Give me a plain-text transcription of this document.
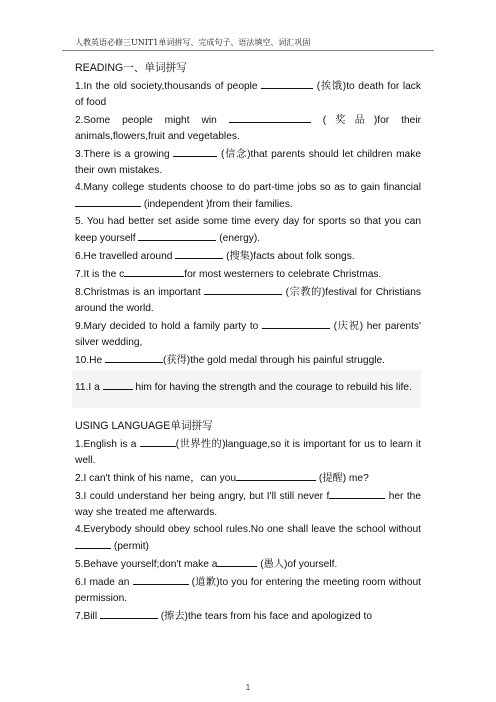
人教英语必修三UNIT1单词拼写、完成句子、语法填空、词汇巩固
READING一、单词拼写
1.In the old society,thousands of people	(挨饿)to death for lack of food
2.Some people might win	(奖品)for their animals,flowers,fruit and vegetables.
3.There is a growing	(信念)that parents should let children make their own mistakes.
4.Many college students choose to do part-time jobs so as to gain financial  (independent )from their families.
5. You had better set aside some time every day for sports so that you can keep yourself	(energy).
6.He travelled around	(搜集)facts about folk songs.
7.It is the c	for most westerners to celebrate Christmas.
8.Christmas is an important	(宗教的)festival for Christians around the world.
9.Mary decided to hold a family party to	(庆祝) her parents' silver wedding,
10.He	(获得)the gold medal through his painful struggle.
11.I a	him for having the strength and the courage to rebuild his life.
USING LANGUAGE单词拼写
1.English is a	(世界性的)language,so it is important for us to learn it well.
2.I can't think of his name，can you	(提醒) me?
3.I could understand her being angry, but I'll still never f	her the way she treated me afterwards.
4.Everybody should obey school rules.No one shall leave the school without (permit)
5.Behave yourself;don't make a	(愚人)of yourself.
6.I made an	(道歉)to you for entering the meeting room without permission.
7.Bill	(擦去)the tears from his face and apologized to
1
